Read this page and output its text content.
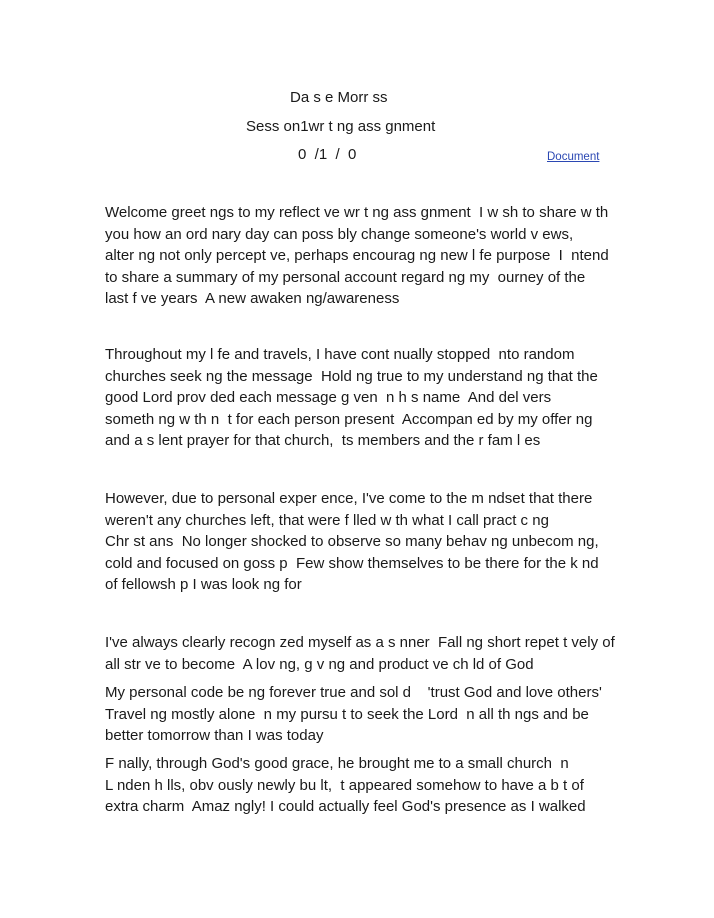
Da s e Morr ss
Sess on1wr t ng ass gnment
0  /1  /  0	Document
Welcome greet ngs to my reflect ve wr t ng ass gnment  I w sh to share w th
you how an ord nary day can poss bly change someone's world v ews,
alter ng not only percept ve, perhaps encourag ng new l fe purpose  I  ntend
to share a summary of my personal account regard ng my  ourney of the
last f ve years  A new awaken ng/awareness
Throughout my l fe and travels, I have cont nually stopped  nto random
churches seek ng the message  Hold ng true to my understand ng that the
good Lord prov ded each message g ven  n h s name  And del vers
someth ng w th n  t for each person present  Accompan ed by my offer ng
and a s lent prayer for that church,  ts members and the r fam l es
However, due to personal exper ence, I've come to the m ndset that there
weren't any churches left, that were f lled w th what I call pract c ng
Chr st ans  No longer shocked to observe so many behav ng unbecom ng,
cold and focused on goss p  Few show themselves to be there for the k nd
of fellowsh p I was look ng for
I've always clearly recogn zed myself as a s nner  Fall ng short repet t vely of
all str ve to become  A lov ng, g v ng and product ve ch ld of God
My personal code be ng forever true and sol d    'trust God and love others'
Travel ng mostly alone  n my pursu t to seek the Lord  n all th ngs and be
better tomorrow than I was today
F nally, through God's good grace, he brought me to a small church  n
L nden h lls, obv ously newly bu lt,  t appeared somehow to have a b t of
extra charm  Amaz ngly! I could actually feel God's presence as I walked
